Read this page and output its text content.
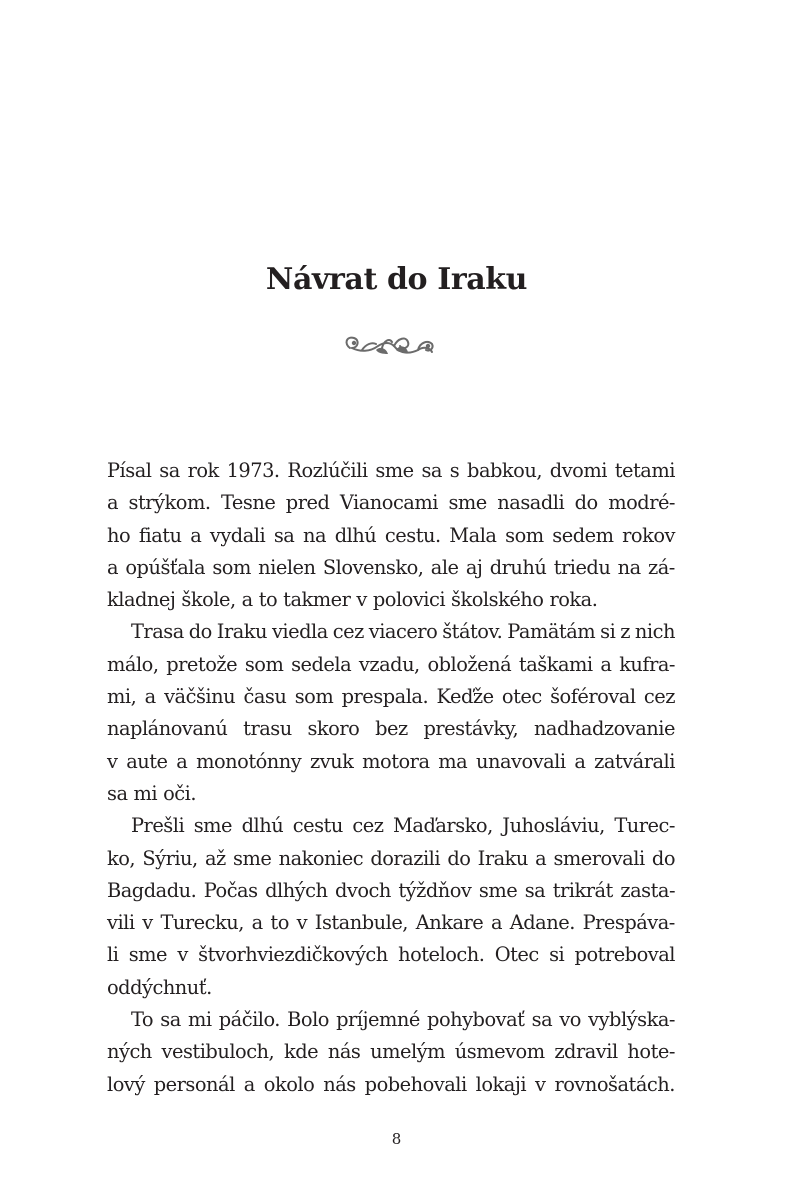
Návrat do Iraku
Písal sa rok 1973. Rozlúčili sme sa s babkou, dvomi tetami
a strýkom. Tesne pred Vianocami sme nasadli do modré-
ho fiatu a vydali sa na dlhú cestu. Mala som sedem rokov
a opúšťala som nielen Slovensko, ale aj druhú triedu na zá-
kladnej škole, a to takmer v polovici školského roka.
Trasa do Iraku viedla cez viacero štátov. Pamätám si z nich
málo, pretože som sedela vzadu, obložená taškami a kufra-
mi, a väčšinu času som prespala. Keďže otec šoféroval cez
naplánovanú trasu skoro bez prestávky, nadhadzovanie
v aute a monotónny zvuk motora ma unavovali a zatvárali
sa mi oči.
Prešli sme dlhú cestu cez Maďarsko, Juhosláviu, Turec-
ko, Sýriu, až sme nakoniec dorazili do Iraku a smerovali do
Bagdadu. Počas dlhých dvoch týždňov sme sa trikrát zasta-
vili v Turecku, a to v Istanbule, Ankare a Adane. Prespáva-
li sme v štvorhviezdičkových hoteloch. Otec si potreboval
oddýchnuť.
To sa mi páčilo. Bolo príjemné pohybovať sa vo vyblýska-
ných vestibuloch, kde nás umelým úsmevom zdravil hote-
lový personál a okolo nás pobehovali lokaji v rovnošatách.
8
